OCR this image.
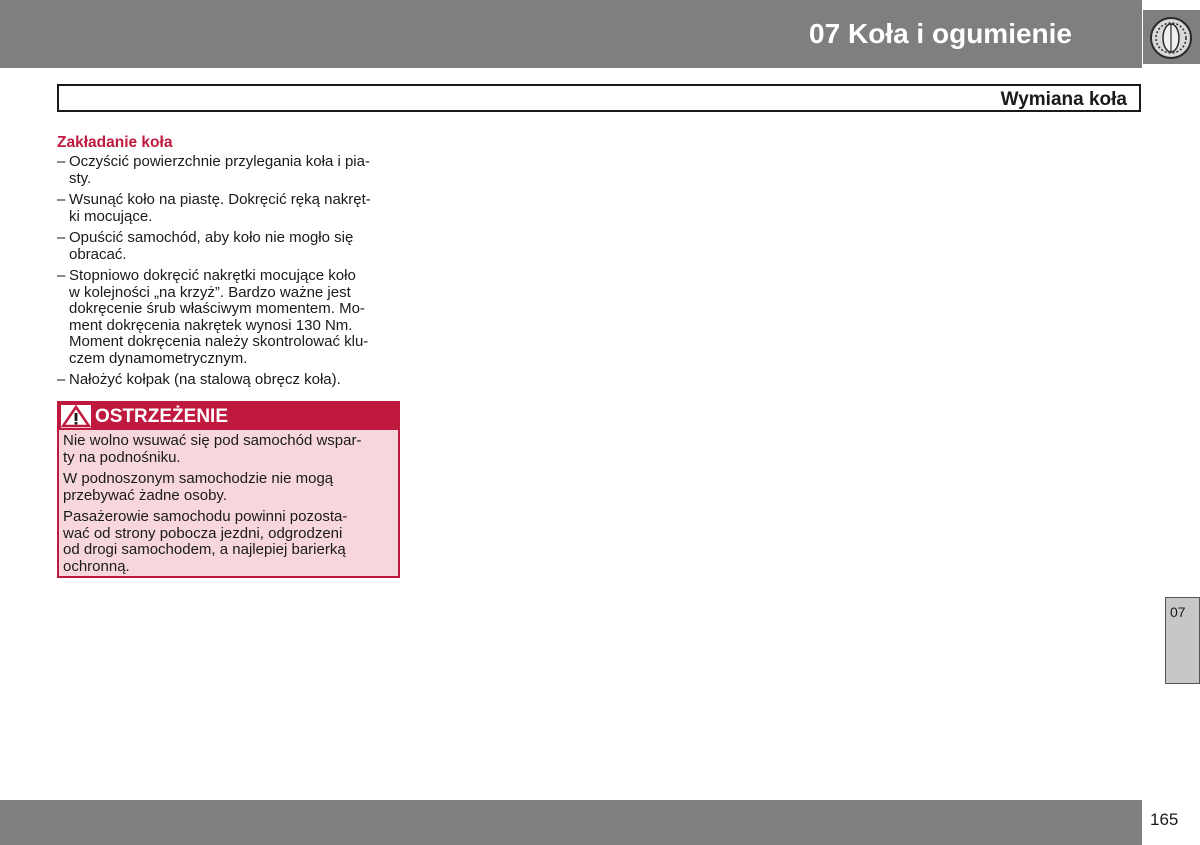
07 Koła i ogumienie
Wymiana koła
Zakładanie koła
– Oczyścić powierzchnie przylegania koła i pia-
sty.
– Wsunąć koło na piastę. Dokręcić ręką nakręt-
ki mocujące.
– Opuścić samochód, aby koło nie mogło się
obracać.
– Stopniowo dokręcić nakrętki mocujące koło
w kolejności „na krzyż”. Bardzo ważne jest
dokręcenie śrub właściwym momentem. Mo-
ment dokręcenia nakrętek wynosi 130 Nm.
Moment dokręcenia należy skontrolować klu-
czem dynamometrycznym.
– Nałożyć kołpak (na stalową obręcz koła).
OSTRZEŻENIE

Nie wolno wsuwać się pod samochód wspar-
ty na podnośniku.

W podnoszonym samochodzie nie mogą
przebywać żadne osoby.

Pasażerowie samochodu powinni pozosta-
wać od strony pobocza jezdni, odgrodzeni
od drogi samochodem, a najlepiej barierką
ochronną.

07
165
